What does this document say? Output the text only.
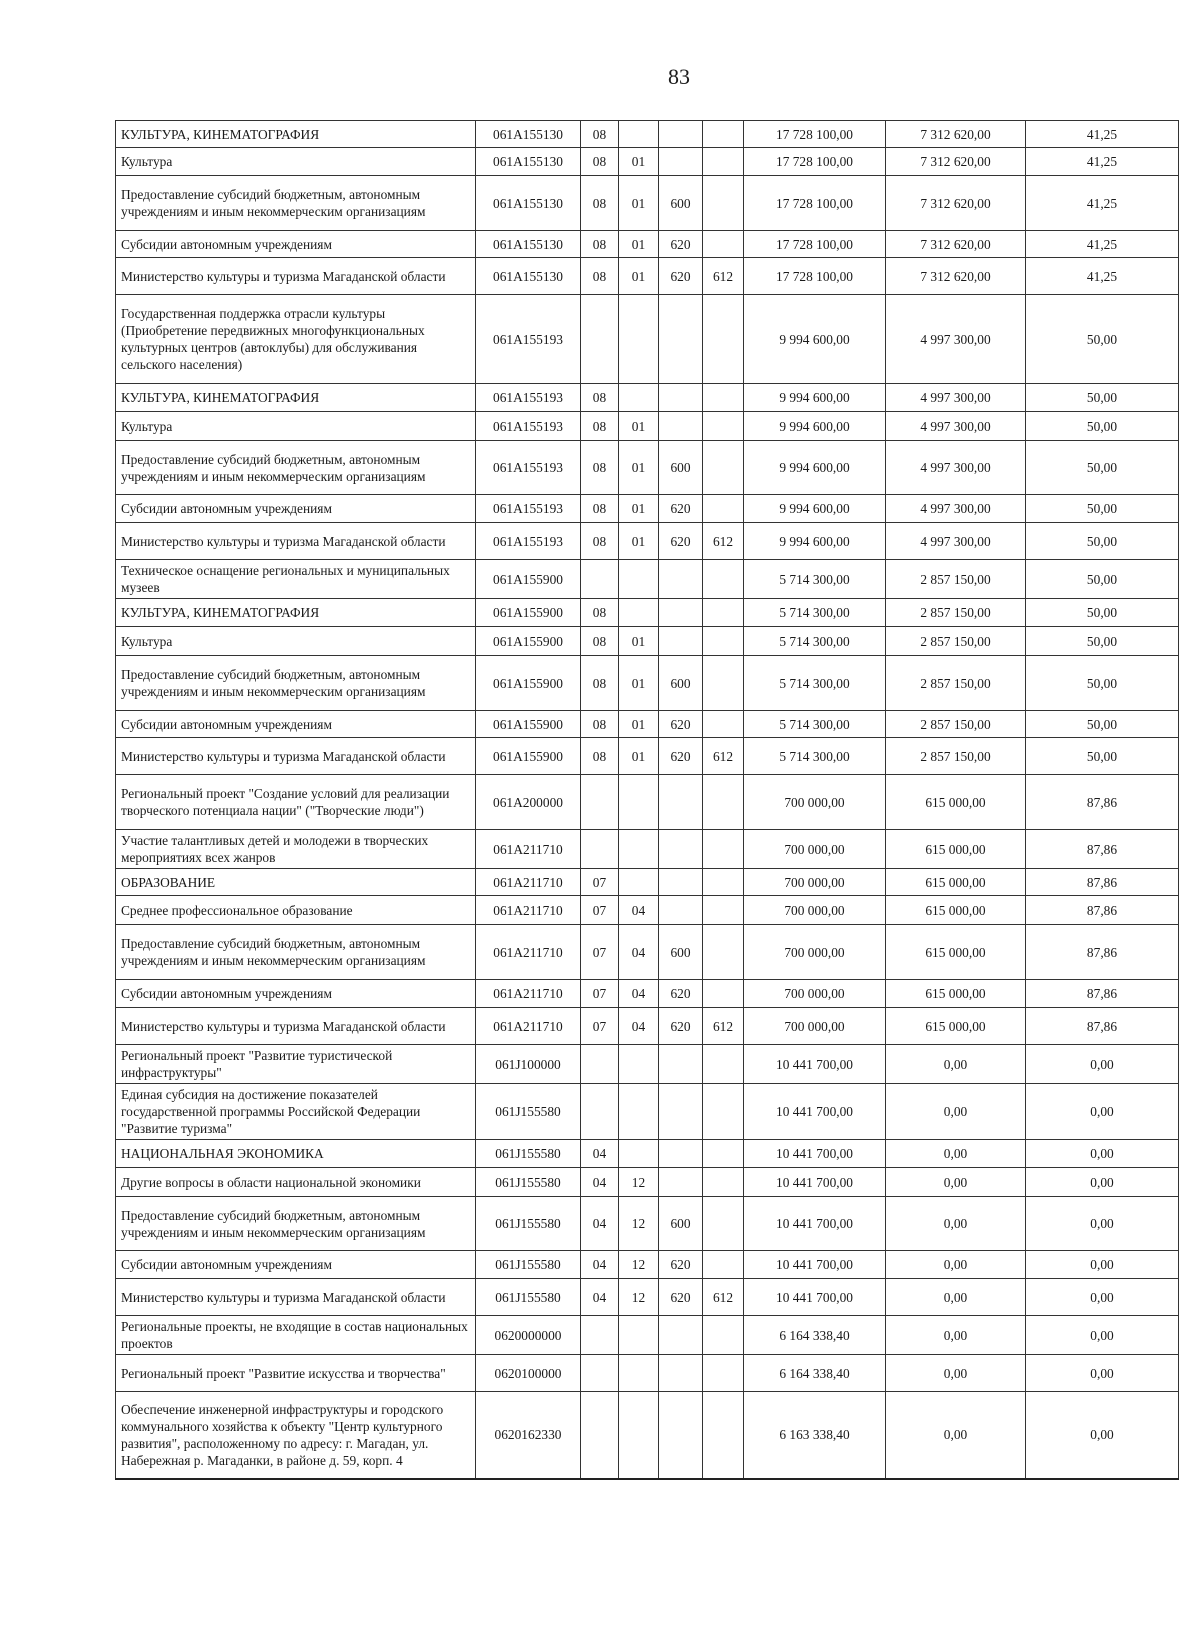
83
КУЛЬТУРА, КИНЕМАТОГРАФИЯ	061A155130	08				17 728 100,00	7 312 620,00	41,25
Культура	061A155130	08	01			17 728 100,00	7 312 620,00	41,25
Предоставление субсидий бюджетным, автономным учреждениям и иным некоммерческим организациям	061A155130	08	01	600		17 728 100,00	7 312 620,00	41,25
Субсидии автономным учреждениям	061A155130	08	01	620		17 728 100,00	7 312 620,00	41,25
Министерство культуры и туризма Магаданской области	061A155130	08	01	620	612	17 728 100,00	7 312 620,00	41,25
Государственная поддержка отрасли культуры (Приобретение передвижных многофункциональных культурных центров (автоклубы) для обслуживания сельского населения)	061A155193					9 994 600,00	4 997 300,00	50,00
КУЛЬТУРА, КИНЕМАТОГРАФИЯ	061A155193	08				9 994 600,00	4 997 300,00	50,00
Культура	061A155193	08	01			9 994 600,00	4 997 300,00	50,00
Предоставление субсидий бюджетным, автономным учреждениям и иным некоммерческим организациям	061A155193	08	01	600		9 994 600,00	4 997 300,00	50,00
Субсидии автономным учреждениям	061A155193	08	01	620		9 994 600,00	4 997 300,00	50,00
Министерство культуры и туризма Магаданской области	061A155193	08	01	620	612	9 994 600,00	4 997 300,00	50,00
Техническое оснащение региональных и муниципальных музеев	061A155900					5 714 300,00	2 857 150,00	50,00
КУЛЬТУРА, КИНЕМАТОГРАФИЯ	061A155900	08				5 714 300,00	2 857 150,00	50,00
Культура	061A155900	08	01			5 714 300,00	2 857 150,00	50,00
Предоставление субсидий бюджетным, автономным учреждениям и иным некоммерческим организациям	061A155900	08	01	600		5 714 300,00	2 857 150,00	50,00
Субсидии автономным учреждениям	061A155900	08	01	620		5 714 300,00	2 857 150,00	50,00
Министерство культуры и туризма Магаданской области	061A155900	08	01	620	612	5 714 300,00	2 857 150,00	50,00
Региональный проект "Создание условий для реализации творческого потенциала нации" ("Творческие люди")	061A200000					700 000,00	615 000,00	87,86
Участие талантливых детей и молодежи в творческих мероприятиях всех жанров	061A211710					700 000,00	615 000,00	87,86
ОБРАЗОВАНИЕ	061A211710	07				700 000,00	615 000,00	87,86
Среднее профессиональное образование	061A211710	07	04			700 000,00	615 000,00	87,86
Предоставление субсидий бюджетным, автономным учреждениям и иным некоммерческим организациям	061A211710	07	04	600		700 000,00	615 000,00	87,86
Субсидии автономным учреждениям	061A211710	07	04	620		700 000,00	615 000,00	87,86
Министерство культуры и туризма Магаданской области	061A211710	07	04	620	612	700 000,00	615 000,00	87,86
Региональный проект "Развитие туристической инфраструктуры"	061J100000					10 441 700,00	0,00	0,00
Единая субсидия на достижение показателей государственной программы Российской Федерации "Развитие туризма"	061J155580					10 441 700,00	0,00	0,00
НАЦИОНАЛЬНАЯ ЭКОНОМИКА	061J155580	04				10 441 700,00	0,00	0,00
Другие вопросы в области национальной экономики	061J155580	04	12			10 441 700,00	0,00	0,00
Предоставление субсидий бюджетным, автономным учреждениям и иным некоммерческим организациям	061J155580	04	12	600		10 441 700,00	0,00	0,00
Субсидии автономным учреждениям	061J155580	04	12	620		10 441 700,00	0,00	0,00
Министерство культуры и туризма Магаданской области	061J155580	04	12	620	612	10 441 700,00	0,00	0,00
Региональные проекты, не входящие в состав национальных проектов	0620000000					6 164 338,40	0,00	0,00
Региональный проект "Развитие искусства и творчества"	0620100000					6 164 338,40	0,00	0,00
Обеспечение инженерной инфраструктуры и городского коммунального хозяйства к объекту "Центр культурного развития", расположенному по адресу: г. Магадан, ул. Набережная р. Магаданки, в районе д. 59, корп. 4	0620162330					6 163 338,40	0,00	0,00
